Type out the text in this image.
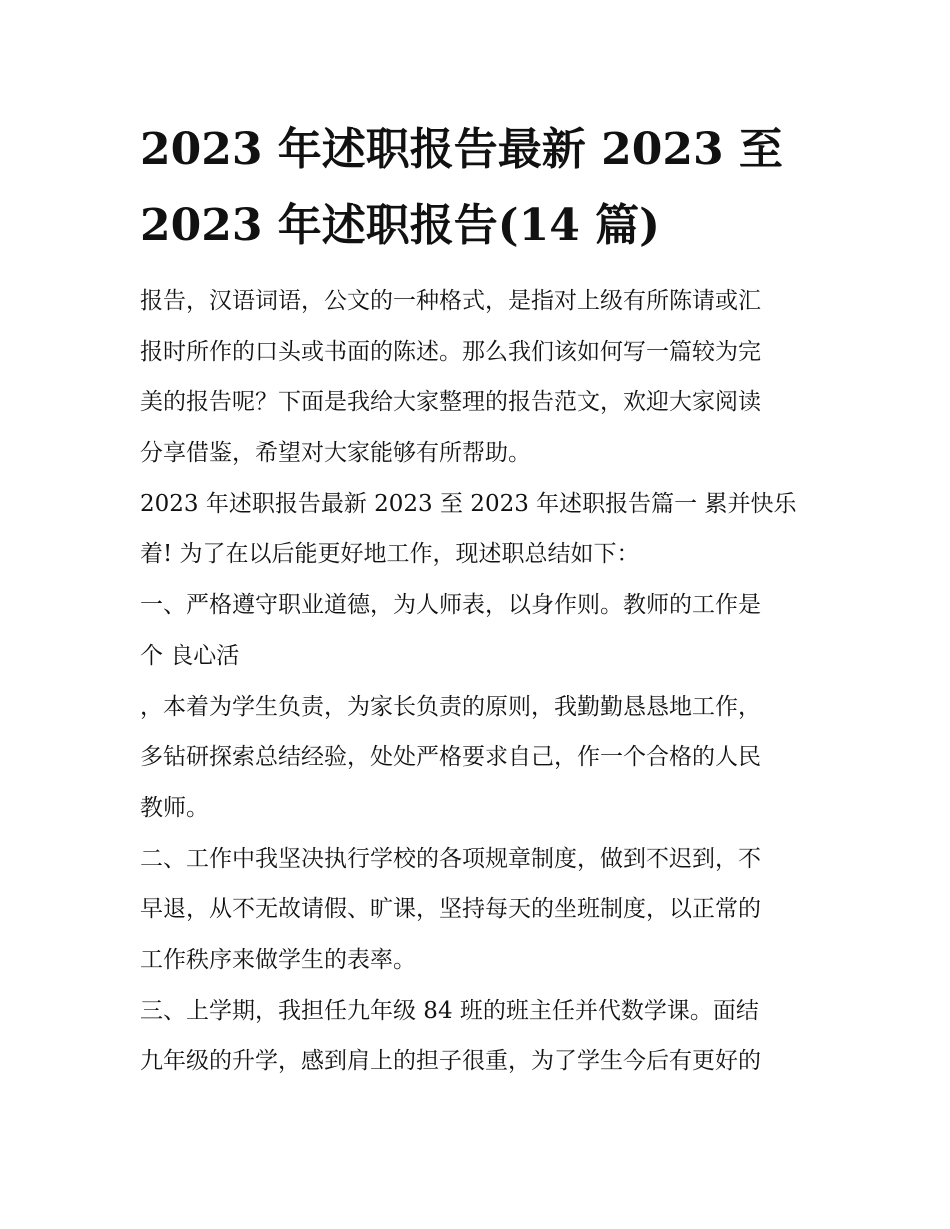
2023 年述职报告最新 2023 至
2023 年述职报告(14 篇)
报告，汉语词语，公文的一种格式，是指对上级有所陈请或汇
报时所作的口头或书面的陈述。那么我们该如何写一篇较为完
美的报告呢？下面是我给大家整理的报告范文，欢迎大家阅读
分享借鉴，希望对大家能够有所帮助。
2023 年述职报告最新 2023 至 2023 年述职报告篇一 累并快乐
着! 为了在以后能更好地工作，现述职总结如下：
一、严格遵守职业道德，为人师表，以身作则。教师的工作是
个 良心活
，本着为学生负责，为家长负责的原则，我勤勤恳恳地工作，
多钻研探索总结经验，处处严格要求自己，作一个合格的人民
教师。
二、工作中我坚决执行学校的各项规章制度，做到不迟到，不
早退，从不无故请假、旷课，坚持每天的坐班制度，以正常的
工作秩序来做学生的表率。
三、上学期，我担任九年级 84 班的班主任并代数学课。面结
九年级的升学，感到肩上的担子很重，为了学生今后有更好的
